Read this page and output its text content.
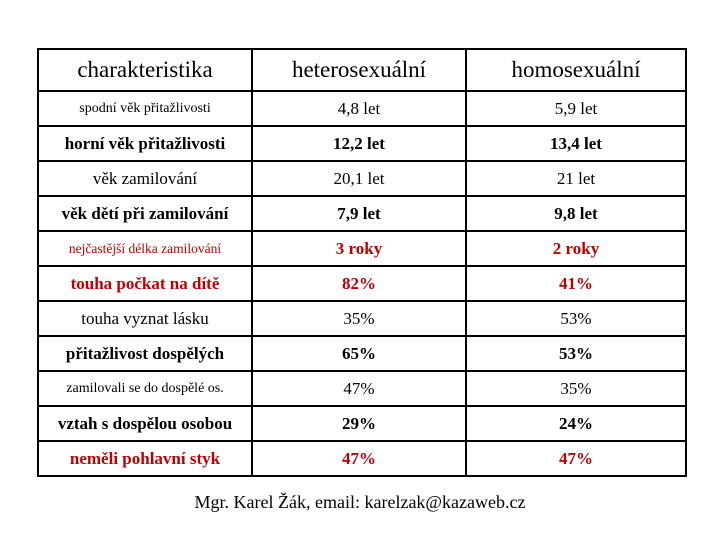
charakteristika	heterosexuální	homosexuální
spodní věk přitažlivosti	4,8 let	5,9 let
horní věk přitažlivosti	12,2 let	13,4 let
věk zamilování	20,1 let	21 let
věk dětí při zamilování	7,9 let	9,8 let
nejčastější délka zamilování	3 roky	2 roky
touha počkat na dítě	82%	41%
touha vyznat lásku	35%	53%
přitažlivost dospělých	65%	53%
zamilovali se do dospělé os.	47%	35%
vztah s dospělou osobou	29%	24%
neměli pohlavní styk	47%	47%
Mgr. Karel Žák, email: karelzak@kazaweb.cz
